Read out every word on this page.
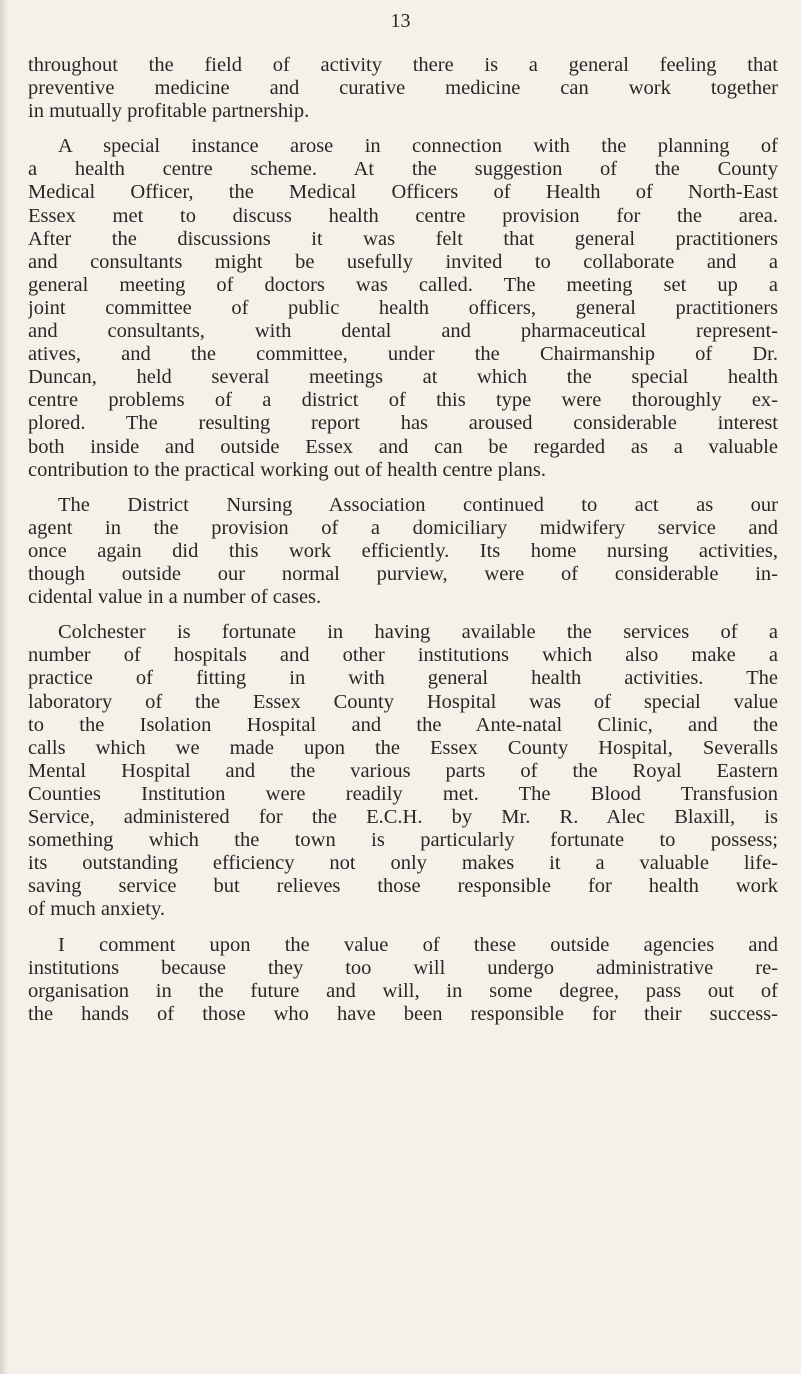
13
throughout the field of activity there is a general feeling that
preventive medicine and curative medicine can work together
in mutually profitable partnership.
A special instance arose in connection with the planning of
a health centre scheme. At the suggestion of the County
Medical Officer, the Medical Officers of Health of North-East
Essex met to discuss health centre provision for the area.
After the discussions it was felt that general practitioners
and consultants might be usefully invited to collaborate and a
general meeting of doctors was called. The meeting set up a
joint committee of public health officers, general practitioners
and consultants, with dental and pharmaceutical represent-
atives, and the committee, under the Chairmanship of Dr.
Duncan, held several meetings at which the special health
centre problems of a district of this type were thoroughly ex-
plored. The resulting report has aroused considerable interest
both inside and outside Essex and can be regarded as a valuable
contribution to the practical working out of health centre plans.
The District Nursing Association continued to act as our
agent in the provision of a domiciliary midwifery service and
once again did this work efficiently. Its home nursing activities,
though outside our normal purview, were of considerable in-
cidental value in a number of cases.
Colchester is fortunate in having available the services of a
number of hospitals and other institutions which also make a
practice of fitting in with general health activities. The
laboratory of the Essex County Hospital was of special value
to the Isolation Hospital and the Ante-natal Clinic, and the
calls which we made upon the Essex County Hospital, Severalls
Mental Hospital and the various parts of the Royal Eastern
Counties Institution were readily met. The Blood Transfusion
Service, administered for the E.C.H. by Mr. R. Alec Blaxill, is
something which the town is particularly fortunate to possess;
its outstanding efficiency not only makes it a valuable life-
saving service but relieves those responsible for health work
of much anxiety.
I comment upon the value of these outside agencies and
institutions because they too will undergo administrative re-
organisation in the future and will, in some degree, pass out of
the hands of those who have been responsible for their success-
